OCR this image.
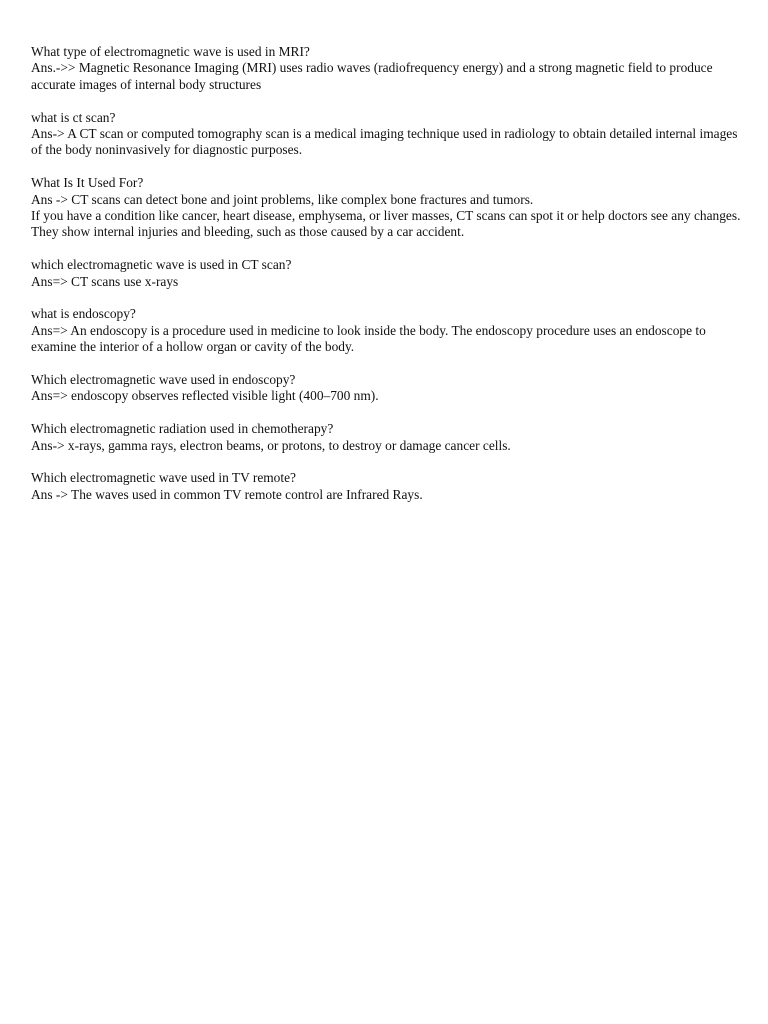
What type of electromagnetic wave is used in MRI?
Ans.->> Magnetic Resonance Imaging (MRI) uses radio waves (radiofrequency energy) and a strong magnetic field to produce accurate images of internal body structures
what is ct scan?
Ans-> A CT scan or computed tomography scan is a medical imaging technique used in radiology to obtain detailed internal images of the body noninvasively for diagnostic purposes.
What Is It Used For?
Ans -> CT scans can detect bone and joint problems, like complex bone fractures and tumors.
If you have a condition like cancer, heart disease, emphysema, or liver masses, CT scans can spot it or help doctors see any changes.
They show internal injuries and bleeding, such as those caused by a car accident.
which electromagnetic wave is used in CT scan?
Ans=> CT scans use x-rays
what is endoscopy?
Ans=> An endoscopy is a procedure used in medicine to look inside the body. The endoscopy procedure uses an endoscope to examine the interior of a hollow organ or cavity of the body.
Which electromagnetic wave used in endoscopy?
Ans=> endoscopy observes reflected visible light (400–700 nm).
Which electromagnetic radiation used in chemotherapy?
Ans-> x-rays, gamma rays, electron beams, or protons, to destroy or damage cancer cells.
Which electromagnetic wave used in TV remote?
Ans -> The waves used in common TV remote control are Infrared Rays.
